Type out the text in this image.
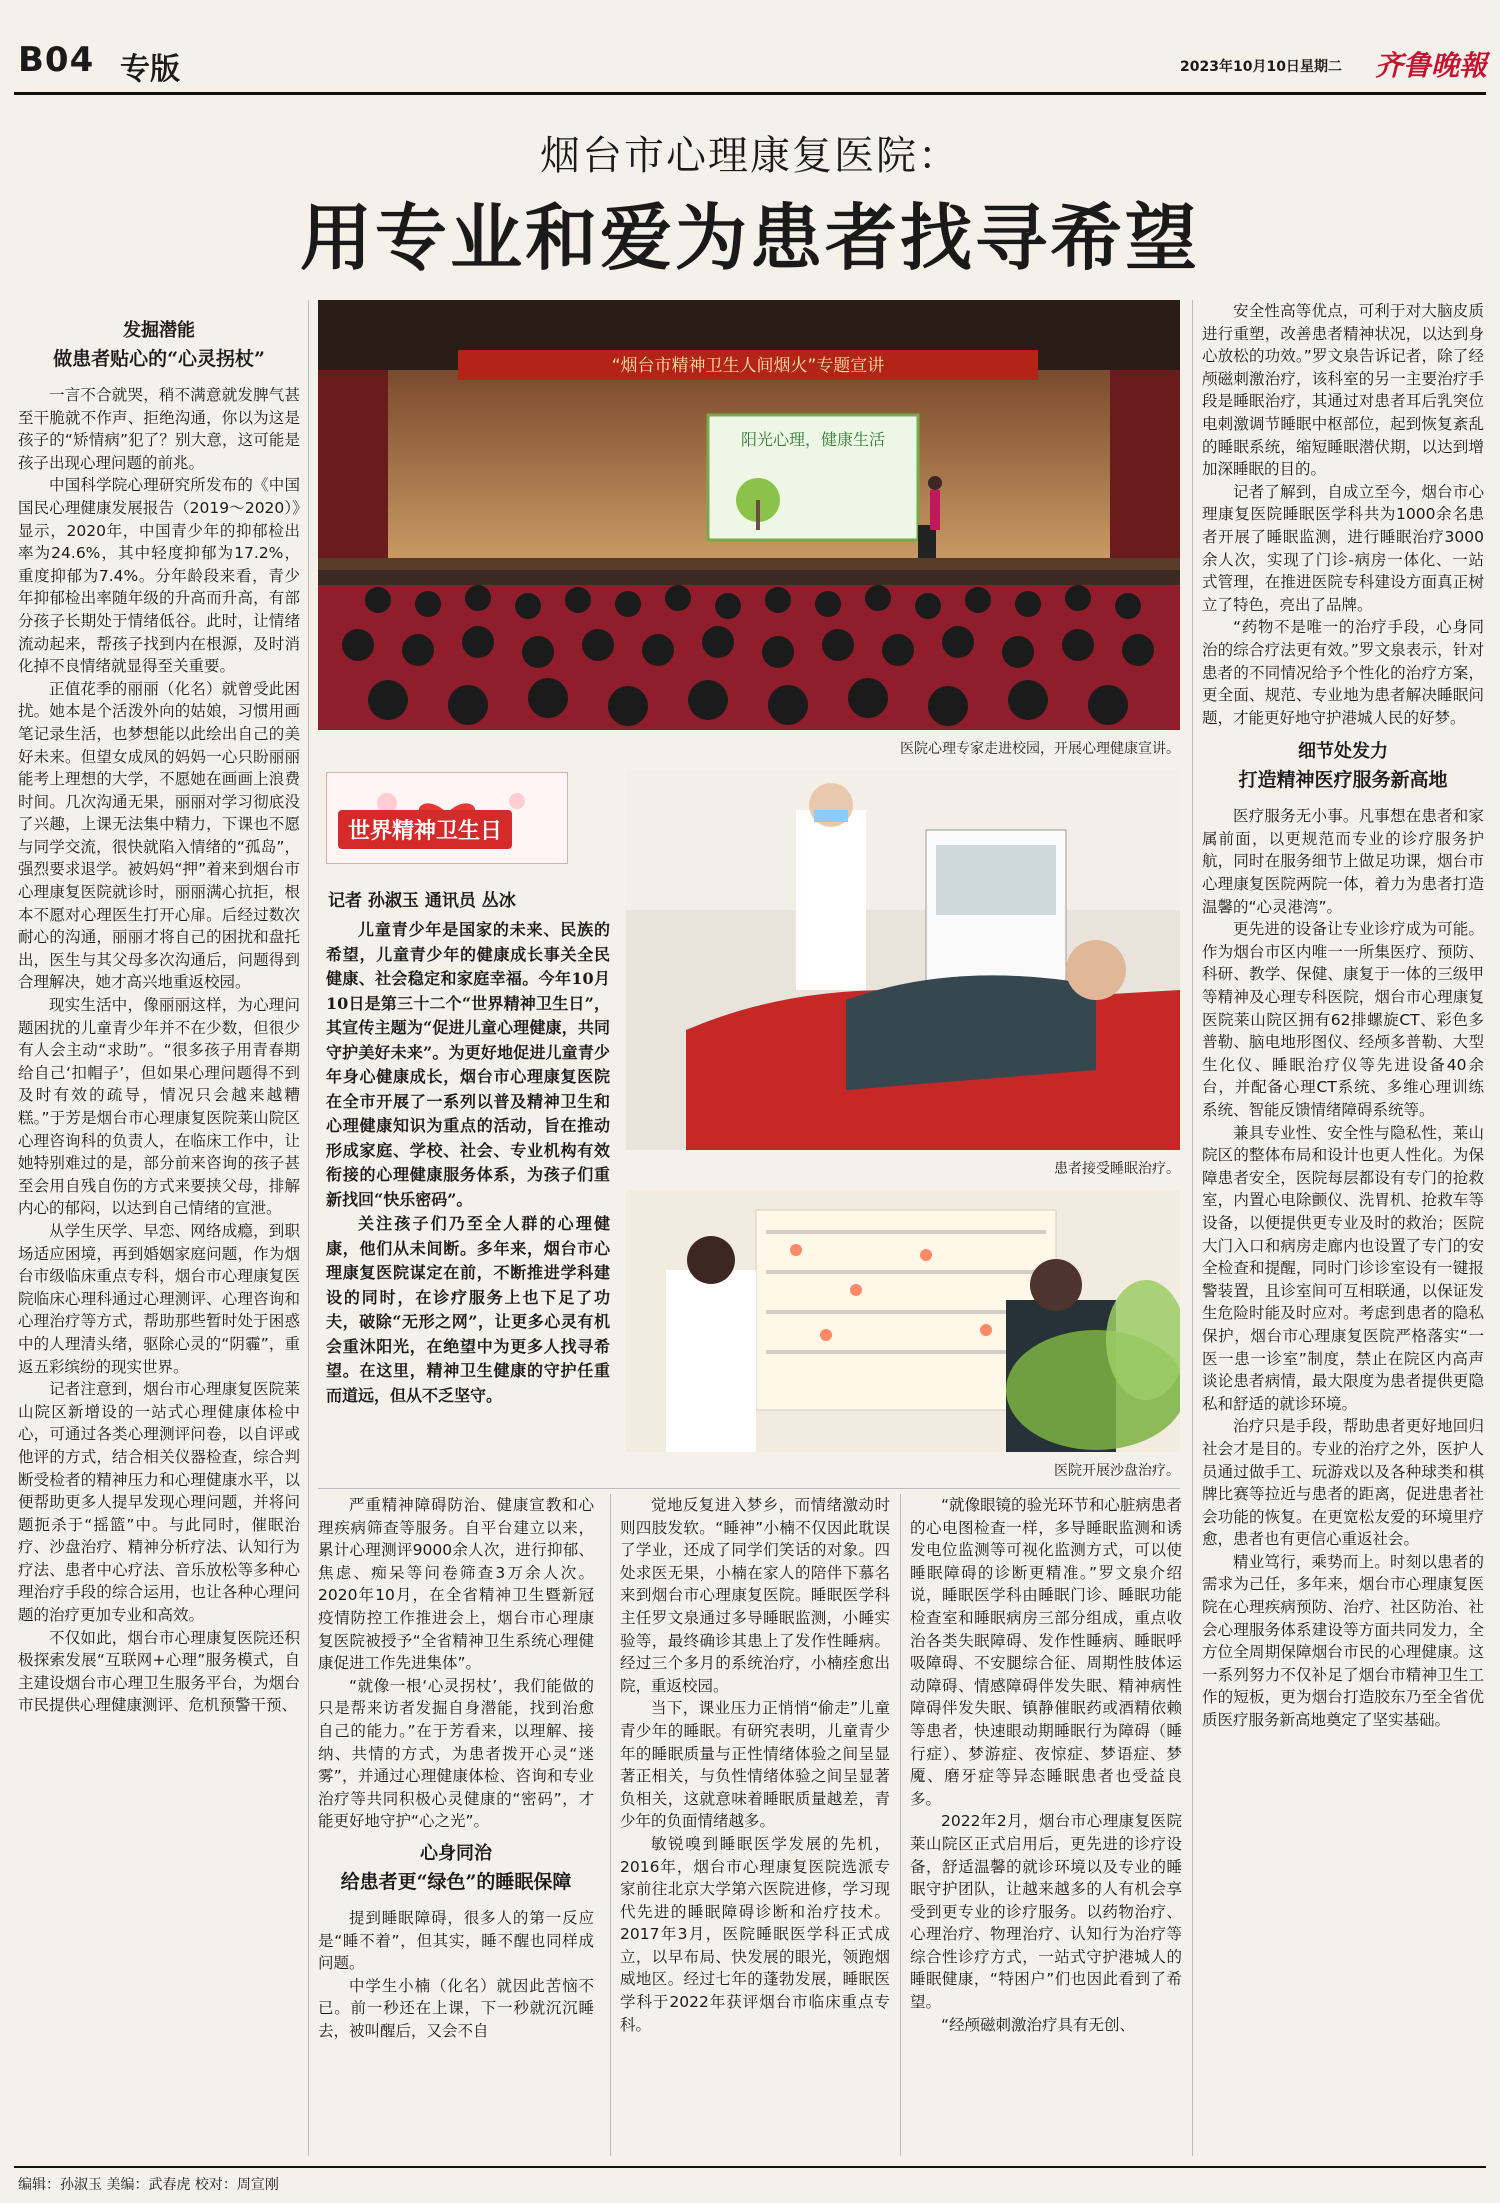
B04 专版	2023年10月10日 星期二 齐鲁晚報
烟台市心理康复医院：
用专业和爱为患者找寻希望
发掘潜能
做患者贴心的“心灵拐杖”

一言不合就哭，稍不满意就发脾气甚至干脆就不作声、拒绝沟通，你以为这是孩子的“矫情病”犯了？别大意，这可能是孩子出现心理问题的前兆。

中国科学院心理研究所发布的《中国国民心理健康发展报告（2019～2020）》显示，2020年，中国青少年的抑郁检出率为24.6%，其中轻度抑郁为17.2%，重度抑郁为7.4%。分年龄段来看，青少年抑郁检出率随年级的升高而升高，有部分孩子长期处于情绪低谷。此时，让情绪流动起来，帮孩子找到内在根源，及时消化掉不良情绪就显得至关重要。

正值花季的丽丽（化名）就曾受此困扰。她本是个活泼外向的姑娘，习惯用画笔记录生活，也梦想能以此绘出自己的美好未来。但望女成凤的妈妈一心只盼丽丽能考上理想的大学，不愿她在画画上浪费时间。几次沟通无果，丽丽对学习彻底没了兴趣，上课无法集中精力，下课也不愿与同学交流，很快就陷入情绪的“孤岛”，强烈要求退学。被妈妈“押”着来到烟台市心理康复医院就诊时，丽丽满心抗拒，根本不愿对心理医生打开心扉。后经过数次耐心的沟通，丽丽才将自己的困扰和盘托出，医生与其父母多次沟通后，问题得到合理解决，她才高兴地重返校园。

现实生活中，像丽丽这样，为心理问题困扰的儿童青少年并不在少数，但很少有人会主动“求助”。“很多孩子用青春期给自己‘扣帽子’，但如果心理问题得不到及时有效的疏导，情况只会越来越糟糕。”于芳是烟台市心理康复医院莱山院区心理咨询科的负责人，在临床工作中，让她特别难过的是，部分前来咨询的孩子甚至会用自残自伤的方式来要挟父母，排解内心的郁闷，以达到自己情绪的宣泄。

从学生厌学、早恋、网络成瘾，到职场适应困境，再到婚姻家庭问题，作为烟台市级临床重点专科，烟台市心理康复医院临床心理科通过心理测评、心理咨询和心理治疗等方式，帮助那些暂时处于困惑中的人理清头绪，驱除心灵的“阴霾”，重返五彩缤纷的现实世界。

记者注意到，烟台市心理康复医院莱山院区新增设的一站式心理健康体检中心，可通过各类心理测评问卷，以自评或他评的方式，结合相关仪器检查，综合判断受检者的精神压力和心理健康水平，以便帮助更多人提早发现心理问题，并将问题扼杀于“摇篮”中。与此同时，催眠治疗、沙盘治疗、精神分析疗法、认知行为疗法、患者中心疗法、音乐放松等多种心理治疗手段的综合运用，也让各种心理问题的治疗更加专业和高效。

不仅如此，烟台市心理康复医院还积极探索发展“互联网+心理”服务模式，自主建设烟台市心理卫生服务平台，为烟台市民提供心理健康测评、危机预警干预、

“烟台市精神卫生人间烟火”专题宣讲
阳光心理，健康生活
医院心理专家走进校园，开展心理健康宣讲。
世界精神卫生日
记者 孙淑玉 通讯员 丛冰

儿童青少年是国家的未来、民族的希望，儿童青少年的健康成长事关全民健康、社会稳定和家庭幸福。今年10月10日是第三十二个“世界精神卫生日”，其宣传主题为“促进儿童心理健康，共同守护美好未来”。为更好地促进儿童青少年身心健康成长，烟台市心理康复医院在全市开展了一系列以普及精神卫生和心理健康知识为重点的活动，旨在推动形成家庭、学校、社会、专业机构有效衔接的心理健康服务体系，为孩子们重新找回“快乐密码”。

关注孩子们乃至全人群的心理健康，他们从未间断。多年来，烟台市心理康复医院谋定在前，不断推进学科建设的同时，在诊疗服务上也下足了功夫，破除“无形之网”，让更多心灵有机会重沐阳光，在绝望中为更多人找寻希望。在这里，精神卫生健康的守护任重而道远，但从不乏坚守。

患者接受睡眠治疗。
医院开展沙盘治疗。

严重精神障碍防治、健康宣教和心理疾病筛查等服务。自平台建立以来，累计心理测评9000余人次，进行抑郁、焦虑、痴呆等问卷筛查3万余人次。2020年10月，在全省精神卫生暨新冠疫情防控工作推进会上，烟台市心理康复医院被授予“全省精神卫生系统心理健康促进工作先进集体”。

“就像一根‘心灵拐杖’，我们能做的只是帮来访者发掘自身潜能，找到治愈自己的能力。”在于芳看来，以理解、接纳、共情的方式，为患者拨开心灵“迷雾”，并通过心理健康体检、咨询和专业治疗等共同积极心灵健康的“密码”，才能更好地守护“心之光”。

心身同治
给患者更“绿色”的睡眠保障

提到睡眠障碍，很多人的第一反应是“睡不着”，但其实，睡不醒也同样成问题。

中学生小楠（化名）就因此苦恼不已。前一秒还在上课，下一秒就沉沉睡去，被叫醒后，又会不自

觉地反复进入梦乡，而情绪激动时则四肢发软。“睡神”小楠不仅因此耽误了学业，还成了同学们笑话的对象。四处求医无果，小楠在家人的陪伴下慕名来到烟台市心理康复医院。睡眠医学科主任罗文泉通过多导睡眠监测，小睡实验等，最终确诊其患上了发作性睡病。经过三个多月的系统治疗，小楠痊愈出院，重返校园。

当下，课业压力正悄悄“偷走”儿童青少年的睡眠。有研究表明，儿童青少年的睡眠质量与正性情绪体验之间呈显著正相关，与负性情绪体验之间呈显著负相关，这就意味着睡眠质量越差，青少年的负面情绪越多。

敏锐嗅到睡眠医学发展的先机，2016年，烟台市心理康复医院选派专家前往北京大学第六医院进修，学习现代先进的睡眠障碍诊断和治疗技术。2017年3月，医院睡眠医学科正式成立，以早布局、快发展的眼光，领跑烟威地区。经过七年的蓬勃发展，睡眠医学科于2022年获评烟台市临床重点专科。

“就像眼镜的验光环节和心脏病患者的心电图检查一样，多导睡眠监测和诱发电位监测等可视化监测方式，可以使睡眠障碍的诊断更精准。”罗文泉介绍说，睡眠医学科由睡眠门诊、睡眠功能检查室和睡眠病房三部分组成，重点收治各类失眠障碍、发作性睡病、睡眠呼吸障碍、不安腿综合征、周期性肢体运动障碍、情感障碍伴发失眠、精神病性障碍伴发失眠、镇静催眠药或酒精依赖等患者，快速眼动期睡眠行为障碍（睡行症）、梦游症、夜惊症、梦语症、梦魇、磨牙症等异态睡眠患者也受益良多。

2022年2月，烟台市心理康复医院莱山院区正式启用后，更先进的诊疗设备，舒适温馨的就诊环境以及专业的睡眠守护团队，让越来越多的人有机会享受到更专业的诊疗服务。以药物治疗、心理治疗、物理治疗、认知行为治疗等综合性诊疗方式，一站式守护港城人的睡眠健康，“特困户”们也因此看到了希望。

“经颅磁刺激治疗具有无创、

安全性高等优点，可利于对大脑皮质进行重塑，改善患者精神状况，以达到身心放松的功效。”罗文泉告诉记者，除了经颅磁刺激治疗，该科室的另一主要治疗手段是睡眠治疗，其通过对患者耳后乳突位电刺激调节睡眠中枢部位，起到恢复紊乱的睡眠系统，缩短睡眠潜伏期，以达到增加深睡眠的目的。

记者了解到，自成立至今，烟台市心理康复医院睡眠医学科共为1000余名患者开展了睡眠监测，进行睡眠治疗3000余人次，实现了门诊-病房一体化、一站式管理，在推进医院专科建设方面真正树立了特色，亮出了品牌。

“药物不是唯一的治疗手段，心身同治的综合疗法更有效。”罗文泉表示，针对患者的不同情况给予个性化的治疗方案，更全面、规范、专业地为患者解决睡眠问题，才能更好地守护港城人民的好梦。

细节处发力
打造精神医疗服务新高地

医疗服务无小事。凡事想在患者和家属前面，以更规范而专业的诊疗服务护航，同时在服务细节上做足功课，烟台市心理康复医院两院一体，着力为患者打造温馨的“心灵港湾”。

更先进的设备让专业诊疗成为可能。作为烟台市区内唯一一所集医疗、预防、科研、教学、保健、康复于一体的三级甲等精神及心理专科医院，烟台市心理康复医院莱山院区拥有62排螺旋CT、彩色多普勒、脑电地形图仪、经颅多普勒、大型生化仪、睡眠治疗仪等先进设备40余台，并配备心理CT系统、多维心理训练系统、智能反馈情绪障碍系统等。

兼具专业性、安全性与隐私性，莱山院区的整体布局和设计也更人性化。为保障患者安全，医院每层都设有专门的抢救室，内置心电除颤仪、洗胃机、抢救车等设备，以便提供更专业及时的救治；医院大门入口和病房走廊内也设置了专门的安全检查和提醒，同时门诊诊室设有一键报警装置，且诊室间可互相联通，以保证发生危险时能及时应对。考虑到患者的隐私保护，烟台市心理康复医院严格落实“一医一患一诊室”制度，禁止在院区内高声谈论患者病情，最大限度为患者提供更隐私和舒适的就诊环境。

治疗只是手段，帮助患者更好地回归社会才是目的。专业的治疗之外，医护人员通过做手工、玩游戏以及各种球类和棋牌比赛等拉近与患者的距离，促进患者社会功能的恢复。在更宽松友爱的环境里疗愈，患者也有更信心重返社会。

精业笃行，乘势而上。时刻以患者的需求为己任，多年来，烟台市心理康复医院在心理疾病预防、治疗、社区防治、社会心理服务体系建设等方面共同发力，全方位全周期保障烟台市民的心理健康。这一系列努力不仅补足了烟台市精神卫生工作的短板，更为烟台打造胶东乃至全省优质医疗服务新高地奠定了坚实基础。

编辑：孙淑玉 美编：武春虎 校对：周宣刚
